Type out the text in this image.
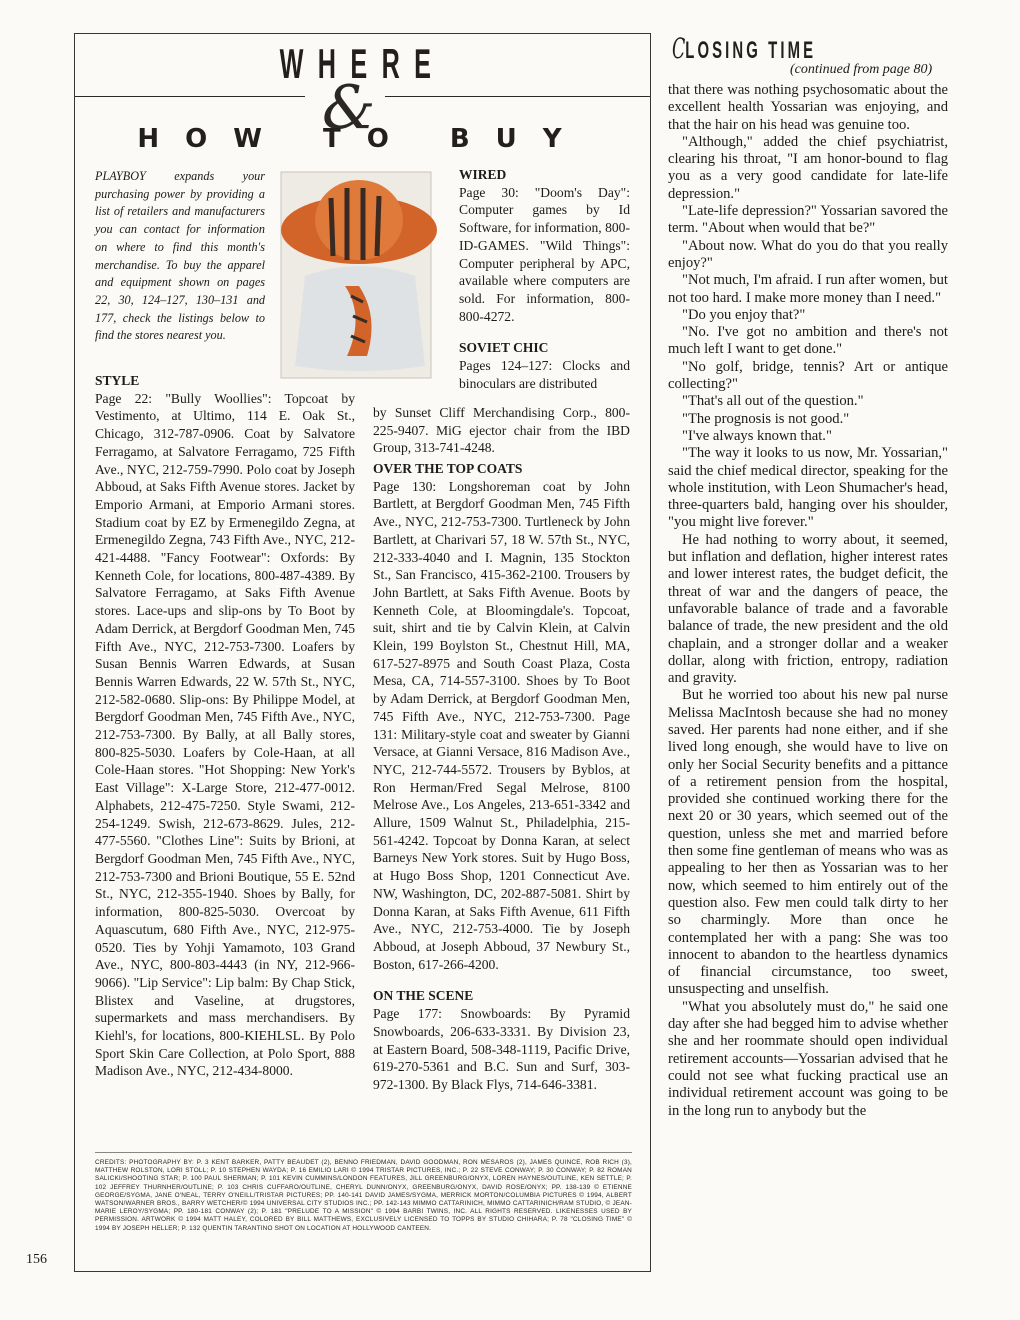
WHERE
&
HOW TO BUY
PLAYBOY expands your purchasing power by providing a list of retailers and manufacturers you can contact for information on where to find this month's merchandise. To buy the apparel and equipment shown on pages 22, 30, 124–127, 130–131 and 177, check the listings below to find the stores nearest you.

STYLE

Page 22: "Bully Woollies": Topcoat by Vestimento, at Ultimo, 114 E. Oak St., Chicago, 312-787-0906. Coat by Salvatore Ferragamo, at Salvatore Ferragamo, 725 Fifth Ave., NYC, 212-759-7990. Polo coat by Joseph Abboud, at Saks Fifth Avenue stores. Jacket by Emporio Armani, at Emporio Armani stores. Stadium coat by EZ by Ermenegildo Zegna, at Ermenegildo Zegna, 743 Fifth Ave., NYC, 212-421-4488. "Fancy Footwear": Oxfords: By Kenneth Cole, for locations, 800-487-4389. By Salvatore Ferragamo, at Saks Fifth Avenue stores. Lace-ups and slip-ons by To Boot by Adam Derrick, at Bergdorf Goodman Men, 745 Fifth Ave., NYC, 212-753-7300. Loafers by Susan Bennis Warren Edwards, at Susan Bennis Warren Edwards, 22 W. 57th St., NYC, 212-582-0680. Slip-ons: By Philippe Model, at Bergdorf Goodman Men, 745 Fifth Ave., NYC, 212-753-7300. By Bally, at all Bally stores, 800-825-5030. Loafers by Cole-Haan, at all Cole-Haan stores. "Hot Shopping: New York's East Village": X-Large Store, 212-477-0012. Alphabets, 212-475-7250. Style Swami, 212-254-1249. Swish, 212-673-8629. Jules, 212-477-5560. "Clothes Line": Suits by Brioni, at Bergdorf Goodman Men, 745 Fifth Ave., NYC, 212-753-7300 and Brioni Boutique, 55 E. 52nd St., NYC, 212-355-1940. Shoes by Bally, for information, 800-825-5030. Overcoat by Aquascutum, 680 Fifth Ave., NYC, 212-975-0520. Ties by Yohji Yamamoto, 103 Grand Ave., NYC, 800-803-4443 (in NY, 212-966-9066). "Lip Service": Lip balm: By Chap Stick, Blistex and Vaseline, at drugstores, supermarkets and mass merchandisers. By Kiehl's, for locations, 800-KIEHLSL. By Polo Sport Skin Care Collection, at Polo Sport, 888 Madison Ave., NYC, 212-434-8000.

WIRED

Page 30: "Doom's Day": Computer games by Id Software, for information, 800-ID-GAMES. "Wild Things": Computer peripheral by APC, available where computers are sold. For information, 800-800-4272.

SOVIET CHIC

Pages 124–127: Clocks and binoculars are distributed

by Sunset Cliff Merchandising Corp., 800-225-9407. MiG ejector chair from the IBD Group, 313-741-4248.

OVER THE TOP COATS

Page 130: Longshoreman coat by John Bartlett, at Bergdorf Goodman Men, 745 Fifth Ave., NYC, 212-753-7300. Turtleneck by John Bartlett, at Charivari 57, 18 W. 57th St., NYC, 212-333-4040 and I. Magnin, 135 Stockton St., San Francisco, 415-362-2100. Trousers by John Bartlett, at Saks Fifth Avenue. Boots by Kenneth Cole, at Bloomingdale's. Topcoat, suit, shirt and tie by Calvin Klein, at Calvin Klein, 199 Boylston St., Chestnut Hill, MA, 617-527-8975 and South Coast Plaza, Costa Mesa, CA, 714-557-3100. Shoes by To Boot by Adam Derrick, at Bergdorf Goodman Men, 745 Fifth Ave., NYC, 212-753-7300. Page 131: Military-style coat and sweater by Gianni Versace, at Gianni Versace, 816 Madison Ave., NYC, 212-744-5572. Trousers by Byblos, at Ron Herman/Fred Segal Melrose, 8100 Melrose Ave., Los Angeles, 213-651-3342 and Allure, 1509 Walnut St., Philadelphia, 215-561-4242. Topcoat by Donna Karan, at select Barneys New York stores. Suit by Hugo Boss, at Hugo Boss Shop, 1201 Connecticut Ave. NW, Washington, DC, 202-887-5081. Shirt by Donna Karan, at Saks Fifth Avenue, 611 Fifth Ave., NYC, 212-753-4000. Tie by Joseph Abboud, at Joseph Abboud, 37 Newbury St., Boston, 617-266-4200.

ON THE SCENE

Page 177: Snowboards: By Pyramid Snowboards, 206-633-3331. By Division 23, at Eastern Board, 508-348-1119, Pacific Drive, 619-270-5361 and B.C. Sun and Surf, 303-972-1300. By Black Flys, 714-646-3381.

CREDITS: PHOTOGRAPHY BY: P. 3 KENT BARKER, PATTY BEAUDET (2), BENNO FRIEDMAN, DAVID GOODMAN, RON MESAROS (2), JAMES QUINCE, ROB RICH (3), MATTHEW ROLSTON, LORI STOLL; P. 10 STEPHEN WAYDA; P. 16 EMILIO LARI © 1994 TRISTAR PICTURES, INC.; P. 22 STEVE CONWAY; P. 30 CONWAY; P. 82 ROMAN SALICKI/SHOOTING STAR; P. 100 PAUL SHERMAN; P. 101 KEVIN CUMMINS/LONDON FEATURES, JILL GREENBURG/ONYX, LOREN HAYNES/OUTLINE, KEN SETTLE; P. 102 JEFFREY THURNHER/OUTLINE; P. 103 CHRIS CUFFARO/OUTLINE, CHERYL DUNN/ONYX, GREENBURG/ONYX, DAVID ROSE/ONYX; PP. 138-139 © ETIENNE GEORGE/SYGMA, JANE O'NEAL, TERRY O'NEILL/TRISTAR PICTURES; PP. 140-141 DAVID JAMES/SYGMA, MERRICK MORTON/COLUMBIA PICTURES © 1994, ALBERT WATSON/WARNER BROS., BARRY WETCHER/© 1994 UNIVERSAL CITY STUDIOS INC.; PP. 142-143 MIMMO CATTARINICH, MIMMO CATTARINICH/RAM STUDIO, © JEAN-MARIE LEROY/SYGMA; PP. 180-181 CONWAY (2); P. 181 "PRELUDE TO A MISSION" © 1994 BARBI TWINS, INC. ALL RIGHTS RESERVED. LIKENESSES USED BY PERMISSION. ARTWORK © 1994 MATT HALEY, COLORED BY BILL MATTHEWS, EXCLUSIVELY LICENSED TO TOPPS BY STUDIO CHIHARA; P. 78 "CLOSING TIME" © 1994 BY JOSEPH HELLER; P. 132 QUENTIN TARANTINO SHOT ON LOCATION AT HOLLYWOOD CANTEEN.
156
CLOSING TIME
(continued from page 80)

that there was nothing psychosomatic about the excellent health Yossarian was enjoying, and that the hair on his head was genuine too.

"Although," added the chief psychiatrist, clearing his throat, "I am honor-bound to flag you as a very good candidate for late-life depression."

"Late-life depression?" Yossarian savored the term. "About when would that be?"

"About now. What do you do that you really enjoy?"

"Not much, I'm afraid. I run after women, but not too hard. I make more money than I need."

"Do you enjoy that?"

"No. I've got no ambition and there's not much left I want to get done."

"No golf, bridge, tennis? Art or antique collecting?"

"That's all out of the question."

"The prognosis is not good."

"I've always known that."

"The way it looks to us now, Mr. Yossarian," said the chief medical director, speaking for the whole institution, with Leon Shumacher's head, three-quarters bald, hanging over his shoulder, "you might live forever."

He had nothing to worry about, it seemed, but inflation and deflation, higher interest rates and lower interest rates, the budget deficit, the threat of war and the dangers of peace, the unfavorable balance of trade and a favorable balance of trade, the new president and the old chaplain, and a stronger dollar and a weaker dollar, along with friction, entropy, radiation and gravity.

But he worried too about his new pal nurse Melissa MacIntosh because she had no money saved. Her parents had none either, and if she lived long enough, she would have to live on only her Social Security benefits and a pittance of a retirement pension from the hospital, provided she continued working there for the next 20 or 30 years, which seemed out of the question, unless she met and married before then some fine gentleman of means who was as appealing to her then as Yossarian was to her now, which seemed to him entirely out of the question also. Few men could talk dirty to her so charmingly. More than once he contemplated her with a pang: She was too innocent to abandon to the heartless dynamics of financial circumstance, too sweet, unsuspecting and unselfish.

"What you absolutely must do," he said one day after she had begged him to advise whether she and her roommate should open individual retirement accounts—Yossarian advised that he could not see what fucking practical use an individual retirement account was going to be in the long run to anybody but the
